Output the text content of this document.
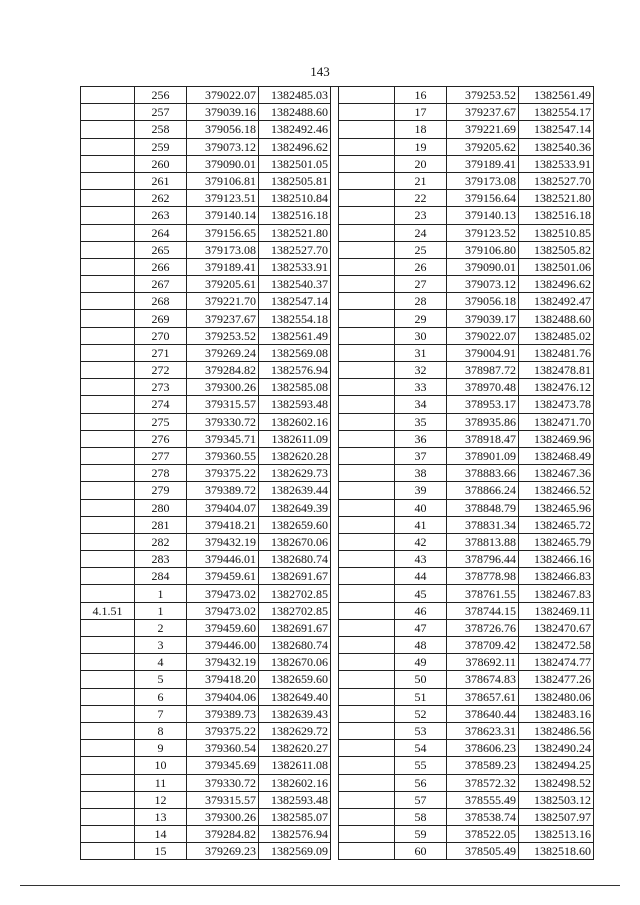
143
	256	379022.07	1382485.03			16	379253.52	1382561.49
	257	379039.16	1382488.60			17	379237.67	1382554.17
	258	379056.18	1382492.46			18	379221.69	1382547.14
	259	379073.12	1382496.62			19	379205.62	1382540.36
	260	379090.01	1382501.05			20	379189.41	1382533.91
	261	379106.81	1382505.81			21	379173.08	1382527.70
	262	379123.51	1382510.84			22	379156.64	1382521.80
	263	379140.14	1382516.18			23	379140.13	1382516.18
	264	379156.65	1382521.80			24	379123.52	1382510.85
	265	379173.08	1382527.70			25	379106.80	1382505.82
	266	379189.41	1382533.91			26	379090.01	1382501.06
	267	379205.61	1382540.37			27	379073.12	1382496.62
	268	379221.70	1382547.14			28	379056.18	1382492.47
	269	379237.67	1382554.18			29	379039.17	1382488.60
	270	379253.52	1382561.49			30	379022.07	1382485.02
	271	379269.24	1382569.08			31	379004.91	1382481.76
	272	379284.82	1382576.94			32	378987.72	1382478.81
	273	379300.26	1382585.08			33	378970.48	1382476.12
	274	379315.57	1382593.48			34	378953.17	1382473.78
	275	379330.72	1382602.16			35	378935.86	1382471.70
	276	379345.71	1382611.09			36	378918.47	1382469.96
	277	379360.55	1382620.28			37	378901.09	1382468.49
	278	379375.22	1382629.73			38	378883.66	1382467.36
	279	379389.72	1382639.44			39	378866.24	1382466.52
	280	379404.07	1382649.39			40	378848.79	1382465.96
	281	379418.21	1382659.60			41	378831.34	1382465.72
	282	379432.19	1382670.06			42	378813.88	1382465.79
	283	379446.01	1382680.74			43	378796.44	1382466.16
	284	379459.61	1382691.67			44	378778.98	1382466.83
	1	379473.02	1382702.85			45	378761.55	1382467.83
4.1.51	1	379473.02	1382702.85			46	378744.15	1382469.11
	2	379459.60	1382691.67			47	378726.76	1382470.67
	3	379446.00	1382680.74			48	378709.42	1382472.58
	4	379432.19	1382670.06			49	378692.11	1382474.77
	5	379418.20	1382659.60			50	378674.83	1382477.26
	6	379404.06	1382649.40			51	378657.61	1382480.06
	7	379389.73	1382639.43			52	378640.44	1382483.16
	8	379375.22	1382629.72			53	378623.31	1382486.56
	9	379360.54	1382620.27			54	378606.23	1382490.24
	10	379345.69	1382611.08			55	378589.23	1382494.25
	11	379330.72	1382602.16			56	378572.32	1382498.52
	12	379315.57	1382593.48			57	378555.49	1382503.12
	13	379300.26	1382585.07			58	378538.74	1382507.97
	14	379284.82	1382576.94			59	378522.05	1382513.16
	15	379269.23	1382569.09			60	378505.49	1382518.60
